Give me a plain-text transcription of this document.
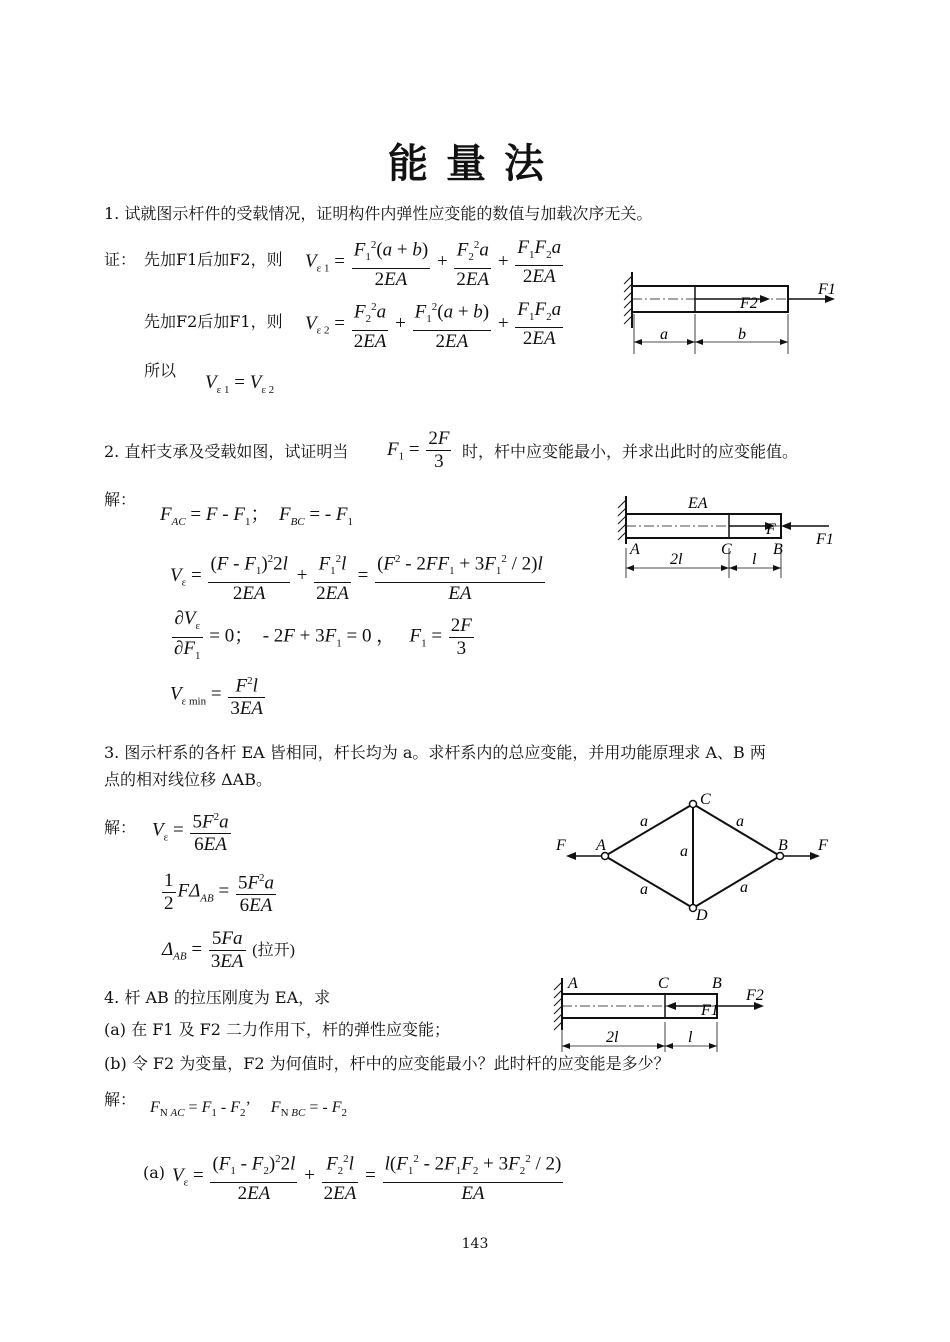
能量法
1. 试就图示杆件的受载情况，证明构件内弹性应变能的数值与加载次序无关。
证： 先加F1后加F2，则 $V_{\varepsilon 1} = \frac{F_1^2(a + b)}{2EA} + \frac{F_2^2a}{2EA} + \frac{F_1F_2a}{2EA}$
先加F2后加F1，则 $V_{\varepsilon 2} = \frac{F_2^2a}{2EA} + \frac{F_1^2(a + b)}{2EA} + \frac{F_1F_2a}{2EA}$
所以
$V_{\varepsilon 1} = V_{\varepsilon 2}$
F1
F2
a	b
2. 直杆支承及受载如图，试证明当 $F_1 = \frac{2F}{3}$ 时，杆中应变能最小，并求出此时的应变能值。
解：
$F_{AC} = F - F_1$；  $F_{BC}$ = - $F_1$
$V_\varepsilon = \frac{(F - F_1)^22l}{2EA} + \frac{F_1^2l}{2EA} = \frac{(F^2 - 2FF_1 + 3F_1^2 / 2)l}{EA}$
$\frac{\partial V_\varepsilon}{\partial F_1} = 0$；  - $2F + 3F_1 = 0$ ，   $F_1 = \frac{2F}{3}$
$V_{\varepsilon min} = \frac{F^2l}{3EA}$
EA
F
F1
A	C	B
2l	l
3. 图示杆系的各杆 EA 皆相同，杆长均为 a。求杆系内的总应变能，并用功能原理求 A、B 两
点的相对线位移 ΔAB。
解： $V_\varepsilon = \frac{5F^2a}{6EA}$
$\frac{1}{2} F\Delta_{AB} = \frac{5F^2a}{6EA}$
$\Delta_{AB} = \frac{5Fa}{3EA}$ (拉开)
A	B
C
D
F	F
a	a
a
a	a
4. 杆 AB 的拉压刚度为 EA，求
(a) 在 F1 及 F2 二力作用下，杆的弹性应变能；
(b) 令 F2 为变量，F2 为何值时，杆中的应变能最小？此时杆的应变能是多少？
解： $F_{N AC} = F_1 - F_2$’     $F_{N BC}$ = - $F_2$
(a) $V_\varepsilon = \frac{(F_1 - F_2)^22l}{2EA} + \frac{F_2^2l}{2EA} = \frac{l(F_1^2 - 2F_1F_2 + 3F_2^2 / 2)}{EA}$
A	C	B
F1
F2
2l	l
143
